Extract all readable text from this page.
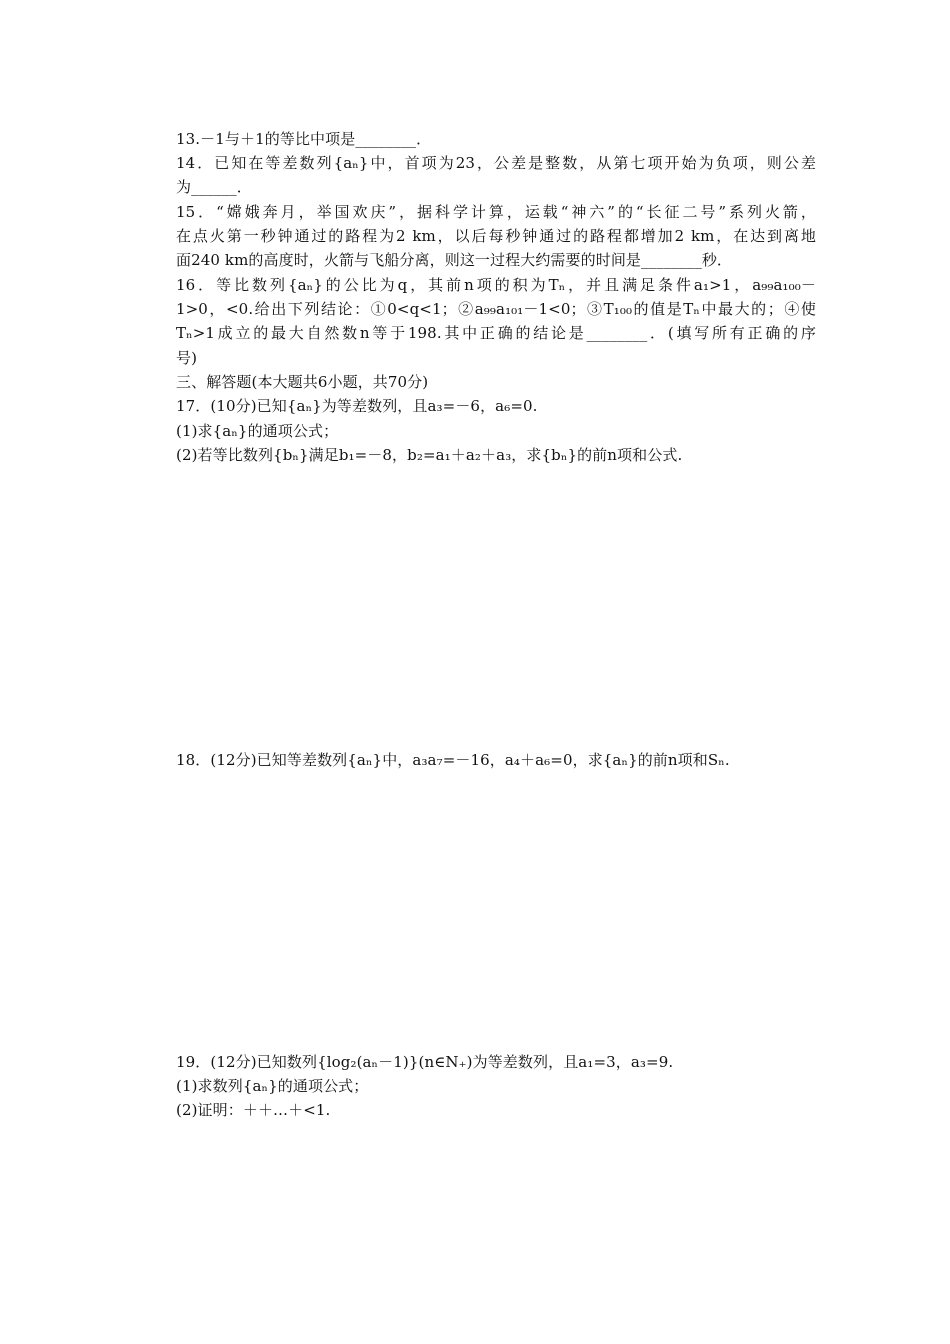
13.－1与＋1的等比中项是________．
14．已知在等差数列{aₙ}中，首项为23，公差是整数，从第七项开始为负项，则公差
为______．
15．“嫦娥奔月，举国欢庆”，据科学计算，运载“神六”的“长征二号”系列火箭，
在点火第一秒钟通过的路程为2 km，以后每秒钟通过的路程都增加2 km，在达到离地
面240 km的高度时，火箭与飞船分离，则这一过程大约需要的时间是________秒．
16．等比数列{aₙ}的公比为q，其前n项的积为Tₙ，并且满足条件a₁>1，a₉₉a₁₀₀－
1>0，<0.给出下列结论：①0<q<1；②a₉₉a₁₀₁－1<0；③T₁₀₀的值是Tₙ中最大的；④使
Tₙ>1成立的最大自然数n等于198.其中正确的结论是________．(填写所有正确的序
号)
三、解答题(本大题共6小题，共70分)
17．(10分)已知{aₙ}为等差数列，且a₃=－6，a₆=0.
(1)求{aₙ}的通项公式；
(2)若等比数列{bₙ}满足b₁=－8，b₂=a₁＋a₂＋a₃，求{bₙ}的前n项和公式.
18．(12分)已知等差数列{aₙ}中，a₃a₇=－16，a₄＋a₆=0，求{aₙ}的前n项和Sₙ.
19．(12分)已知数列{log₂(aₙ－1)}(n∈N₊)为等差数列，且a₁=3，a₃=9.
(1)求数列{aₙ}的通项公式；
(2)证明：＋＋…＋<1.
